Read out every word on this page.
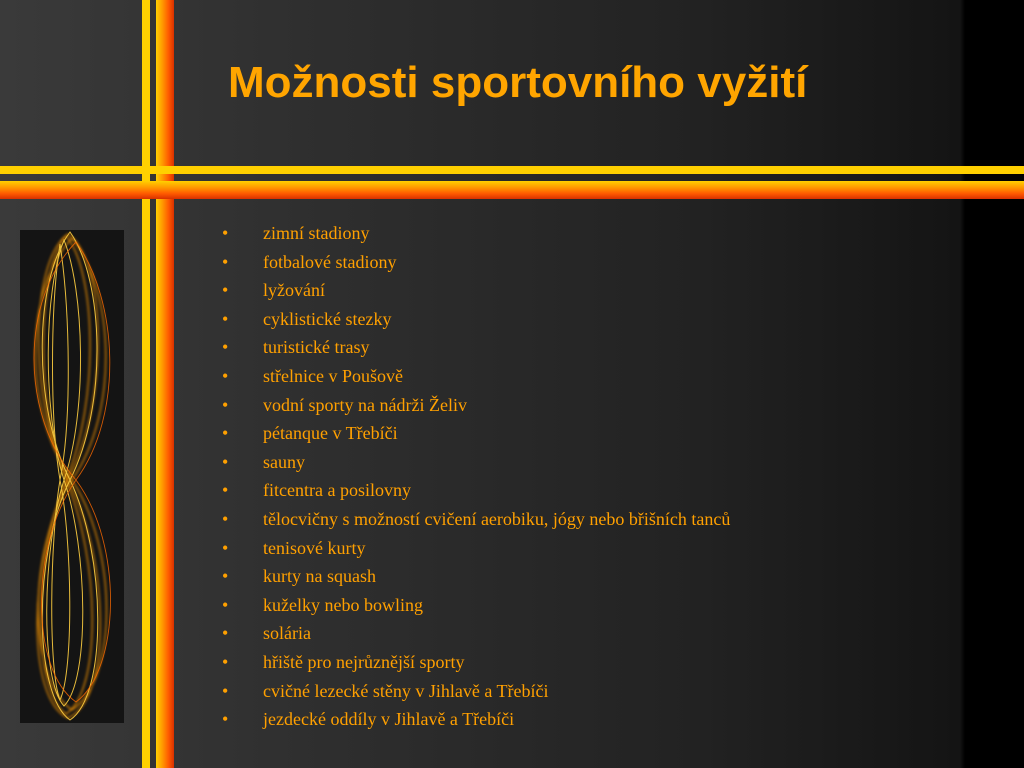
Možnosti sportovního vyžití
• zimní stadiony
• fotbalové stadiony
• lyžování
• cyklistické stezky
• turistické trasy
• střelnice v Poušově
• vodní sporty na nádrži Želiv
• pétanque v Třebíči
• sauny
• fitcentra a posilovny
• tělocvičny s možností cvičení aerobiku, jógy nebo břišních tanců
• tenisové kurty
• kurty na squash
• kuželky nebo bowling
• solária
• hřiště pro nejrůznější sporty
• cvičné lezecké stěny v Jihlavě a Třebíči
• jezdecké oddíly v Jihlavě a Třebíči
